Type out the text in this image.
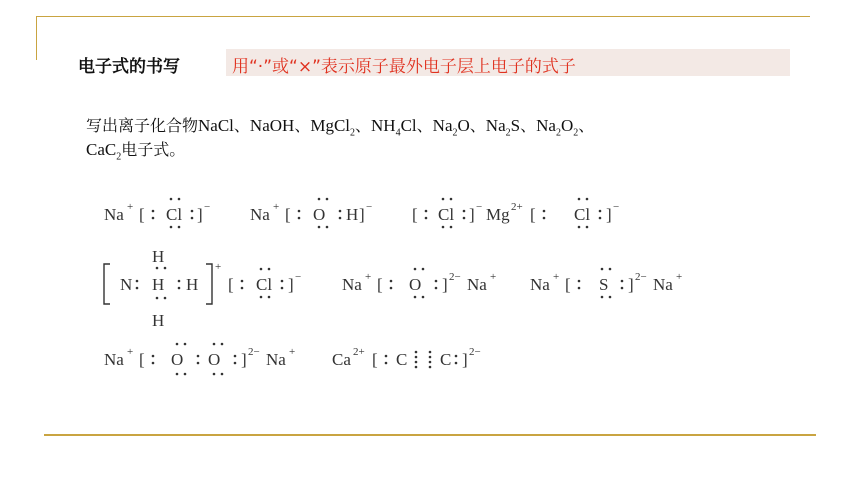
电子式的书写	用“·”或“×”表示原子最外电子层上电子的式子
写出离子化合物NaCl、NaOH、MgCl$_2$、$NH_4Cl$、$Na_2O$、$Na_2S$、$Na_2O_2$、
CaC$_2$电子式。
Na + [ Cl ] − Na + [ O H ] − [ Cl ] − Mg 2+ [ Cl ] −
H
N H H
H
+
[ Cl ] − Na + [ O ] 2− Na + Na + [ S ] 2− Na +
Na + [ O O ] 2− Na + Ca 2+ [ C C ] 2−
